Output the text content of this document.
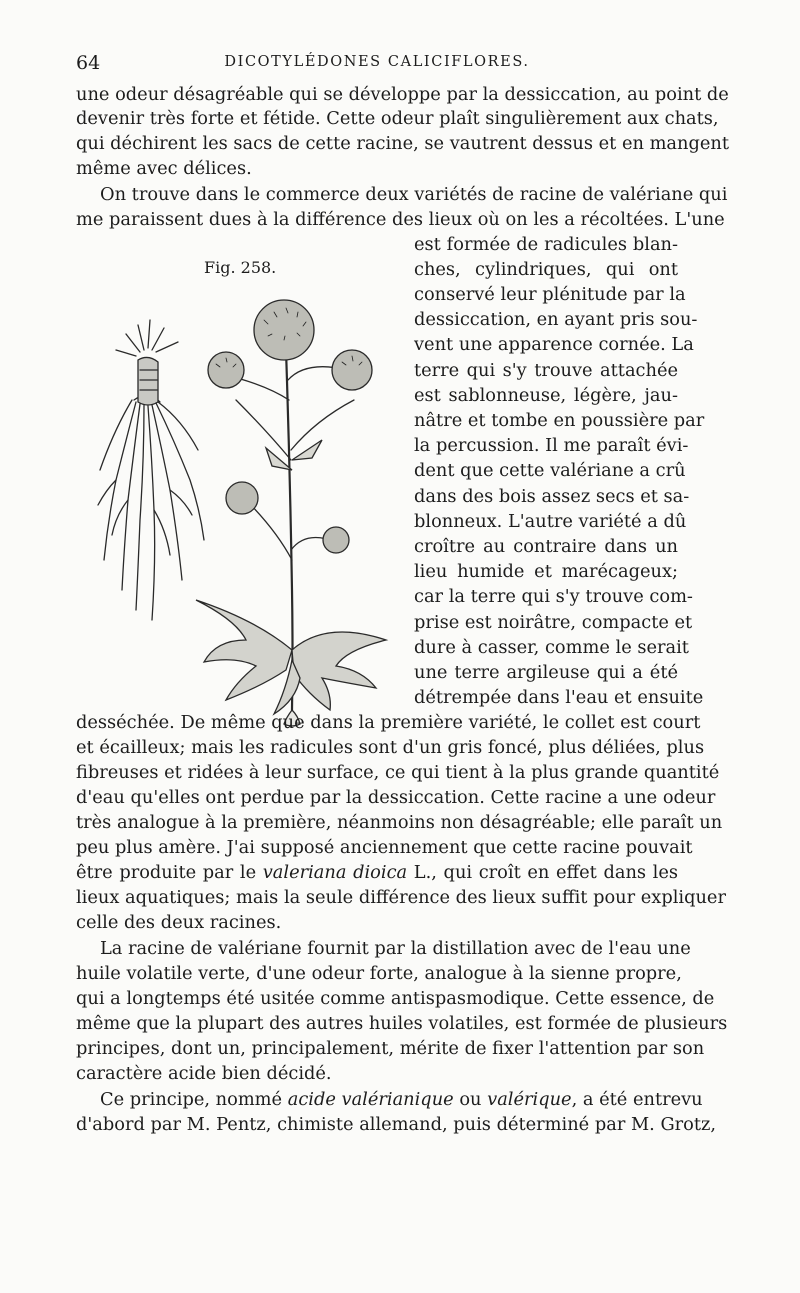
64	DICOTYLÉDONES CALICIFLORES.
une odeur désagréable qui se développe par la dessiccation, au point de
devenir très forte et fétide. Cette odeur plaît singulièrement aux chats,
qui déchirent les sacs de cette racine, se vautrent dessus et en mangent
même avec délices.
On trouve dans le commerce deux variétés de racine de valériane qui
me paraissent dues à la différence des lieux où on les a récoltées. L'une
Fig. 258.
est formée de radicules blan-
ches, cylindriques, qui ont
conservé leur plénitude par la
dessiccation, en ayant pris sou-
vent une apparence cornée. La
terre qui s'y trouve attachée
est sablonneuse, légère, jau-
nâtre et tombe en poussière par
la percussion. Il me paraît évi-
dent que cette valériane a crû
dans des bois assez secs et sa-
blonneux. L'autre variété a dû
croître au contraire dans un
lieu humide et marécageux;
car la terre qui s'y trouve com-
prise est noirâtre, compacte et
dure à casser, comme le serait
une terre argileuse qui a été
détrempée dans l'eau et ensuite
desséchée. De même que dans la première variété, le collet est court
et écailleux; mais les radicules sont d'un gris foncé, plus déliées, plus
fibreuses et ridées à leur surface, ce qui tient à la plus grande quantité
d'eau qu'elles ont perdue par la dessiccation. Cette racine a une odeur
très analogue à la première, néanmoins non désagréable; elle paraît un
peu plus amère. J'ai supposé anciennement que cette racine pouvait
être produite par le valeriana dioica L., qui croît en effet dans les
lieux aquatiques; mais la seule différence des lieux suffit pour expliquer
celle des deux racines.
La racine de valériane fournit par la distillation avec de l'eau une
huile volatile verte, d'une odeur forte, analogue à la sienne propre,
qui a longtemps été usitée comme antispasmodique. Cette essence, de
même que la plupart des autres huiles volatiles, est formée de plusieurs
principes, dont un, principalement, mérite de fixer l'attention par son
caractère acide bien décidé.
Ce principe, nommé acide valérianique ou valérique, a été entrevu
d'abord par M. Pentz, chimiste allemand, puis déterminé par M. Grotz,
